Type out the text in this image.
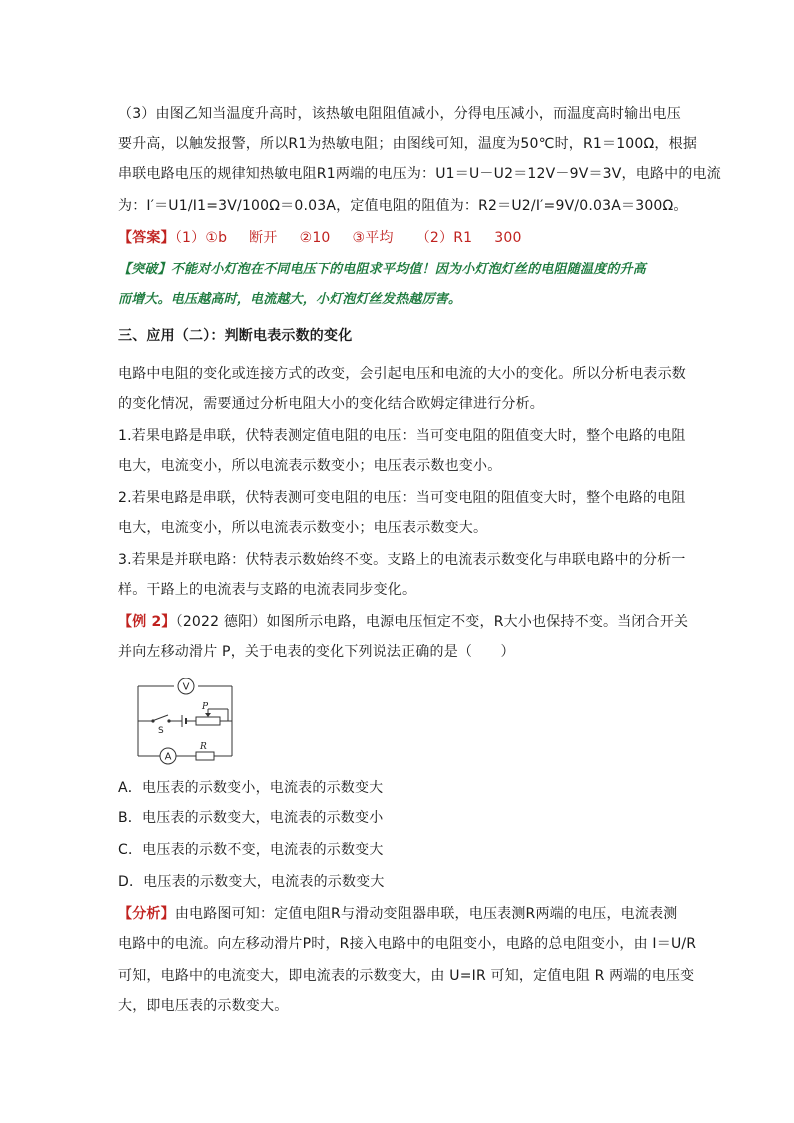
（3）由图乙知当温度升高时，该热敏电阻阻值减小，分得电压减小，而温度高时输出电压
要升高，以触发报警，所以R1为热敏电阻；由图线可知，温度为50℃时，R1＝100Ω，根据
串联电路电压的规律知热敏电阻R1两端的电压为：U1＝U－U2＝12V－9V＝3V，电路中的电流
为：I′＝U1/I1=3V/100Ω＝0.03A，定值电阻的阻值为：R2＝U2/I′=9V/0.03A＝300Ω。
【答案】（1）①b 断开 ②10 ③平均 （2）R1 300
【突破】不能对小灯泡在不同电压下的电阻求平均值！因为小灯泡灯丝的电阻随温度的升高
而增大。电压越高时，电流越大，小灯泡灯丝发热越厉害。
三、应用（二）：判断电表示数的变化
电路中电阻的变化或连接方式的改变，会引起电压和电流的大小的变化。所以分析电表示数
的变化情况，需要通过分析电阻大小的变化结合欧姆定律进行分析。
1.若果电路是串联，伏特表测定值电阻的电压：当可变电阻的阻值变大时，整个电路的电阻
电大，电流变小，所以电流表示数变小；电压表示数也变小。
2.若果电路是串联，伏特表测可变电阻的电压：当可变电阻的阻值变大时，整个电路的电阻
电大，电流变小，所以电流表示数变小；电压表示数变大。
3.若果是并联电路：伏特表示数始终不变。支路上的电流表示数变化与串联电路中的分析一
样。干路上的电流表与支路的电流表同步变化。
【例 2】（2022 德阳）如图所示电路，电源电压恒定不变，R大小也保持不变。当闭合开关
并向左移动滑片 P，关于电表的变化下列说法正确的是（　　）
V
A
P
S
R
A．电压表的示数变小，电流表的示数变大
B．电压表的示数变大，电流表的示数变小
C．电压表的示数不变，电流表的示数变大
D．电压表的示数变大，电流表的示数变大
【分析】由电路图可知：定值电阻R与滑动变阻器串联，电压表测R两端的电压，电流表测
电路中的电流。向左移动滑片P时，R接入电路中的电阻变小，电路的总电阻变小，由 I＝U/R
可知，电路中的电流变大，即电流表的示数变大，由 U=IR 可知，定值电阻 R 两端的电压变
大，即电压表的示数变大。
